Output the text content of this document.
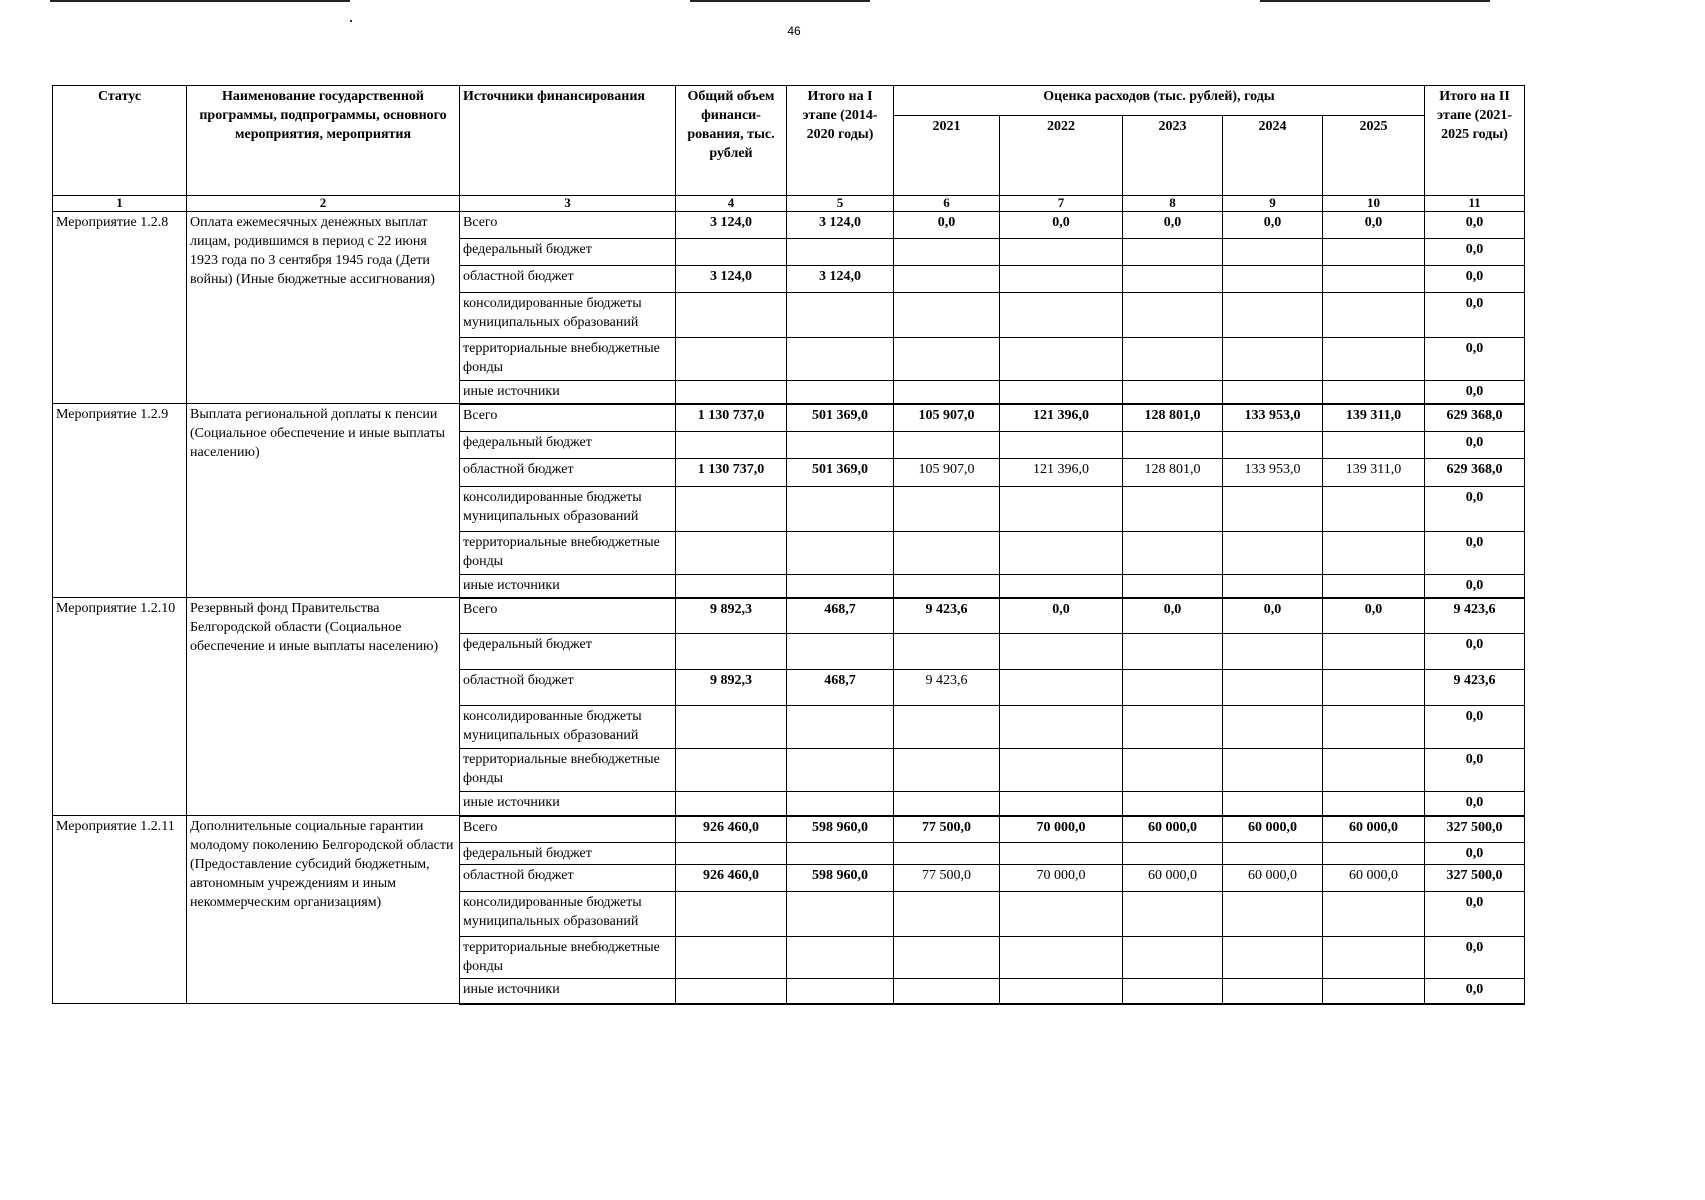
46
Статус	Наименование государственной программы, подпрограммы, основного мероприятия, мероприятия	Источники финансирования	Общий объем финанси-рования, тыс. рублей	Итого на I этапе (2014-2020 годы)	Оценка расходов (тыс. рублей), годы					Итого на II этапе (2021-2025 годы)
					2021	2022	2023	2024	2025	
1	2	3	4	5	6	7	8	9	10	11
Мероприятие 1.2.8	Оплата ежемесячных денежных выплат лицам, родившимся в период с 22 июня 1923 года по 3 сентября 1945 года (Дети войны) (Иные бюджетные ассигнования)	Всего	3 124,0	3 124,0	0,0	0,0	0,0	0,0	0,0	0,0
		федеральный бюджет								0,0
		областной бюджет	3 124,0	3 124,0						0,0
		консолидированные бюджеты муниципальных образований								0,0
		территориальные внебюджетные фонды								0,0
		иные источники								0,0
Мероприятие 1.2.9	Выплата региональной доплаты к пенсии (Социальное обеспечение и иные выплаты населению)	Всего	1 130 737,0	501 369,0	105 907,0	121 396,0	128 801,0	133 953,0	139 311,0	629 368,0
		федеральный бюджет								0,0
		областной бюджет	1 130 737,0	501 369,0	105 907,0	121 396,0	128 801,0	133 953,0	139 311,0	629 368,0
		консолидированные бюджеты муниципальных образований								0,0
		территориальные внебюджетные фонды								0,0
		иные источники								0,0
Мероприятие 1.2.10	Резервный фонд Правительства Белгородской области (Социальное обеспечение и иные выплаты населению)	Всего	9 892,3	468,7	9 423,6	0,0	0,0	0,0	0,0	9 423,6
		федеральный бюджет								0,0
		областной бюджет	9 892,3	468,7	9 423,6					9 423,6
		консолидированные бюджеты муниципальных образований								0,0
		территориальные внебюджетные фонды								0,0
		иные источники								0,0
Мероприятие 1.2.11	Дополнительные социальные гарантии молодому поколению Белгородской области (Предоставление субсидий бюджетным, автономным учреждениям и иным некоммерческим организациям)	Всего	926 460,0	598 960,0	77 500,0	70 000,0	60 000,0	60 000,0	60 000,0	327 500,0
		федеральный бюджет								0,0
		областной бюджет	926 460,0	598 960,0	77 500,0	70 000,0	60 000,0	60 000,0	60 000,0	327 500,0
		консолидированные бюджеты муниципальных образований								0,0
		территориальные внебюджетные фонды								0,0
		иные источники								0,0
